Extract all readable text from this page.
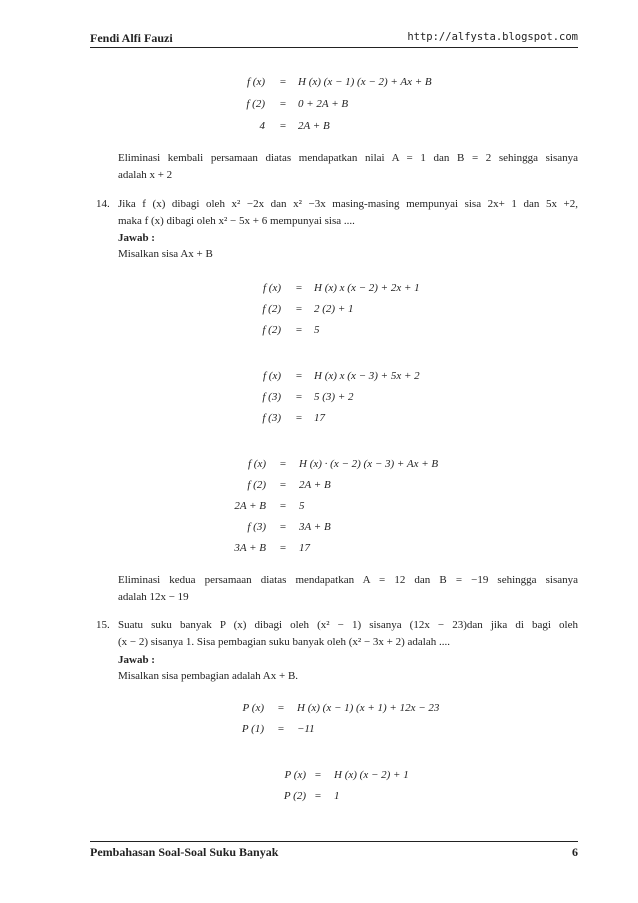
Fendi Alfi Fauzi	http://alfysta.blogspot.com
f (x)	=	H (x) (x − 1) (x − 2) + Ax + B
f (2)	=	0 + 2A + B
4	=	2A + B
Eliminasi kembali persamaan diatas mendapatkan nilai A = 1 dan B = 2 sehingga sisanya
adalah x + 2
14. Jika f (x) dibagi oleh x² −2x dan x² −3x masing-masing mempunyai sisa 2x+ 1 dan 5x +2,
maka f (x) dibagi oleh x² − 5x + 6 mempunyai sisa ....
Jawab :
Misalkan sisa Ax + B
f (x)	=	H (x) x (x − 2) + 2x + 1
f (2)	=	2 (2) + 1
f (2)	=	5
f (x)	=	H (x) x (x − 3) + 5x + 2
f (3)	=	5 (3) + 2
f (3)	=	17
f (x)	=	H (x) · (x − 2) (x − 3) + Ax + B
f (2)	=	2A + B
2A + B	=	5
f (3)	=	3A + B
3A + B	=	17
Eliminasi kedua persamaan diatas mendapatkan A = 12 dan B = −19 sehingga sisanya
adalah 12x − 19
15. Suatu suku banyak P (x) dibagi oleh (x² − 1) sisanya (12x − 23)dan jika di bagi oleh
(x − 2) sisanya 1. Sisa pembagian suku banyak oleh (x² − 3x + 2) adalah ....
Jawab :
Misalkan sisa pembagian adalah Ax + B.
P (x)	=	H (x) (x − 1) (x + 1) + 12x − 23
P (1)	=	−11
P (x) =	H (x) (x − 2) + 1
P (2) =	1
Pembahasan Soal-Soal Suku Banyak	6
